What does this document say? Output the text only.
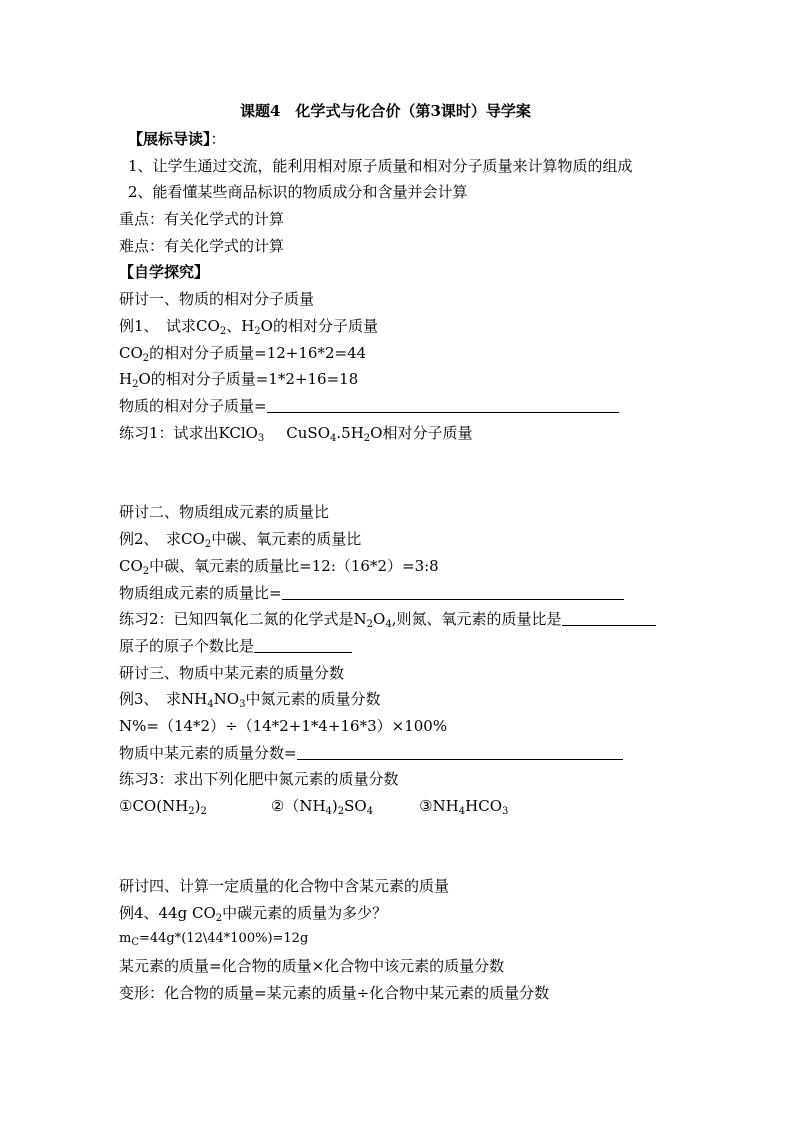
课题4　化学式与化合价（第3课时）导学案
【展标导读】：
1、让学生通过交流，能利用相对原子质量和相对分子质量来计算物质的组成
2、能看懂某些商品标识的物质成分和含量并会计算
重点：有关化学式的计算
难点：有关化学式的计算
【自学探究】
研讨一、物质的相对分子质量
例1、　试求$CO_2$、$H_2O$的相对分子质量
$CO_2$的相对分子质量=12+16*2=44
$H_2O$的相对分子质量=1*2+16=18
物质的相对分子质量=
练习1：试求出KClO$_3$ $CuSO_4.5H_2O$相对分子质量
研讨二、物质组成元素的质量比
例2、　求$CO_2$中碳、氧元素的质量比
$CO_2$中碳、氧元素的质量比=12:（16*2）=3:8
物质组成元素的质量比=
练习2：已知四氧化二氮的化学式是$N_2O_4$,则氮、氧元素的质量比是
原子的原子个数比是
研讨三、物质中某元素的质量分数
例3、　求$NH_4NO_3$中氮元素的质量分数
N%=（14*2）÷（14*2+1*4+16*3）×100%
物质中某元素的质量分数=
练习3：求出下列化肥中氮元素的质量分数
$①CO(NH_2)_2$	$②(NH_4)_2SO_4$	$③NH_4HCO_3$
研讨四、计算一定质量的化合物中含某元素的质量
例4、44g $CO_2$中碳元素的质量为多少？
$m_C=44g*(12\backslash 44*100\%)=12g$
某元素的质量=化合物的质量×化合物中该元素的质量分数
变形：化合物的质量=某元素的质量÷化合物中某元素的质量分数
